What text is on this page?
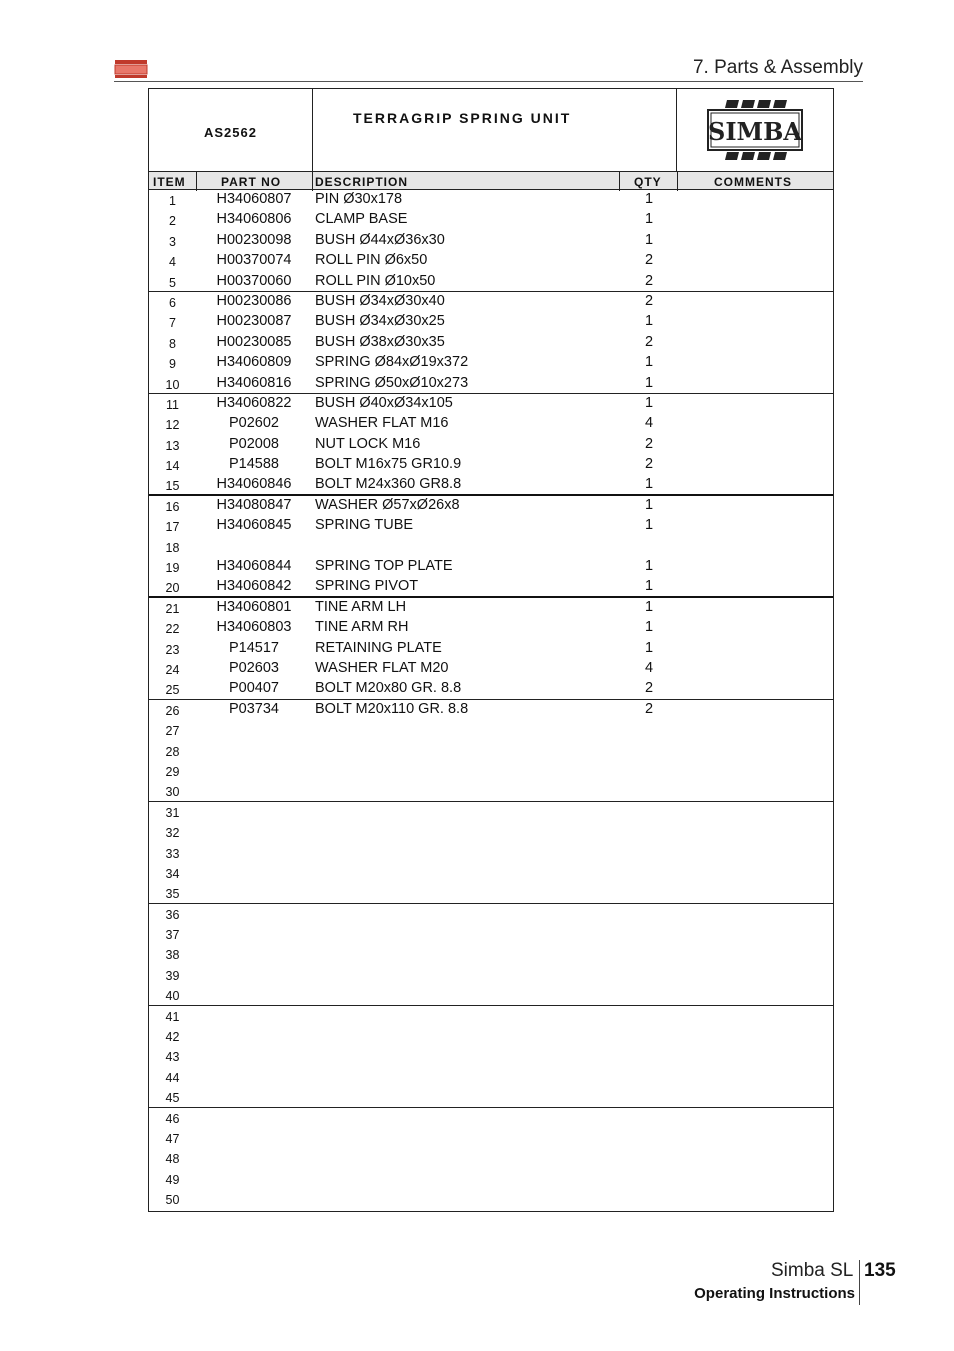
7. Parts & Assembly
AS2562
TERRAGRIP SPRING UNIT	SIMBA
ITEM	PART NO	DESCRIPTION	QTY	COMMENTS
1	H34060807	PIN Ø30x178	1
2	H34060806	CLAMP BASE	1
3	H00230098	BUSH Ø44xØ36x30	1
4	H00370074	ROLL PIN Ø6x50	2
5	H00370060	ROLL PIN Ø10x50	2
6	H00230086	BUSH Ø34xØ30x40	2
7	H00230087	BUSH Ø34xØ30x25	1
8	H00230085	BUSH Ø38xØ30x35	2
9	H34060809	SPRING Ø84xØ19x372	1
10	H34060816	SPRING Ø50xØ10x273	1
11	H34060822	BUSH Ø40xØ34x105	1
12	P02602	WASHER FLAT M16	4
13	P02008	NUT LOCK M16	2
14	P14588	BOLT M16x75 GR10.9	2
15	H34060846	BOLT M24x360 GR8.8	1
16	H34080847	WASHER Ø57xØ26x8	1
17	H34060845	SPRING TUBE	1
18
19	H34060844	SPRING TOP PLATE	1
20	H34060842	SPRING PIVOT	1
21	H34060801	TINE ARM LH	1
22	H34060803	TINE ARM RH	1
23	P14517	RETAINING PLATE	1
24	P02603	WASHER FLAT M20	4
25	P00407	BOLT M20x80 GR. 8.8	2
26	P03734	BOLT M20x110 GR. 8.8	2
27
28
29
30
31
32
33
34
35
36
37
38
39
40
41
42
43
44
45
46
47
48
49
50
Simba SL 135
Operating Instructions
